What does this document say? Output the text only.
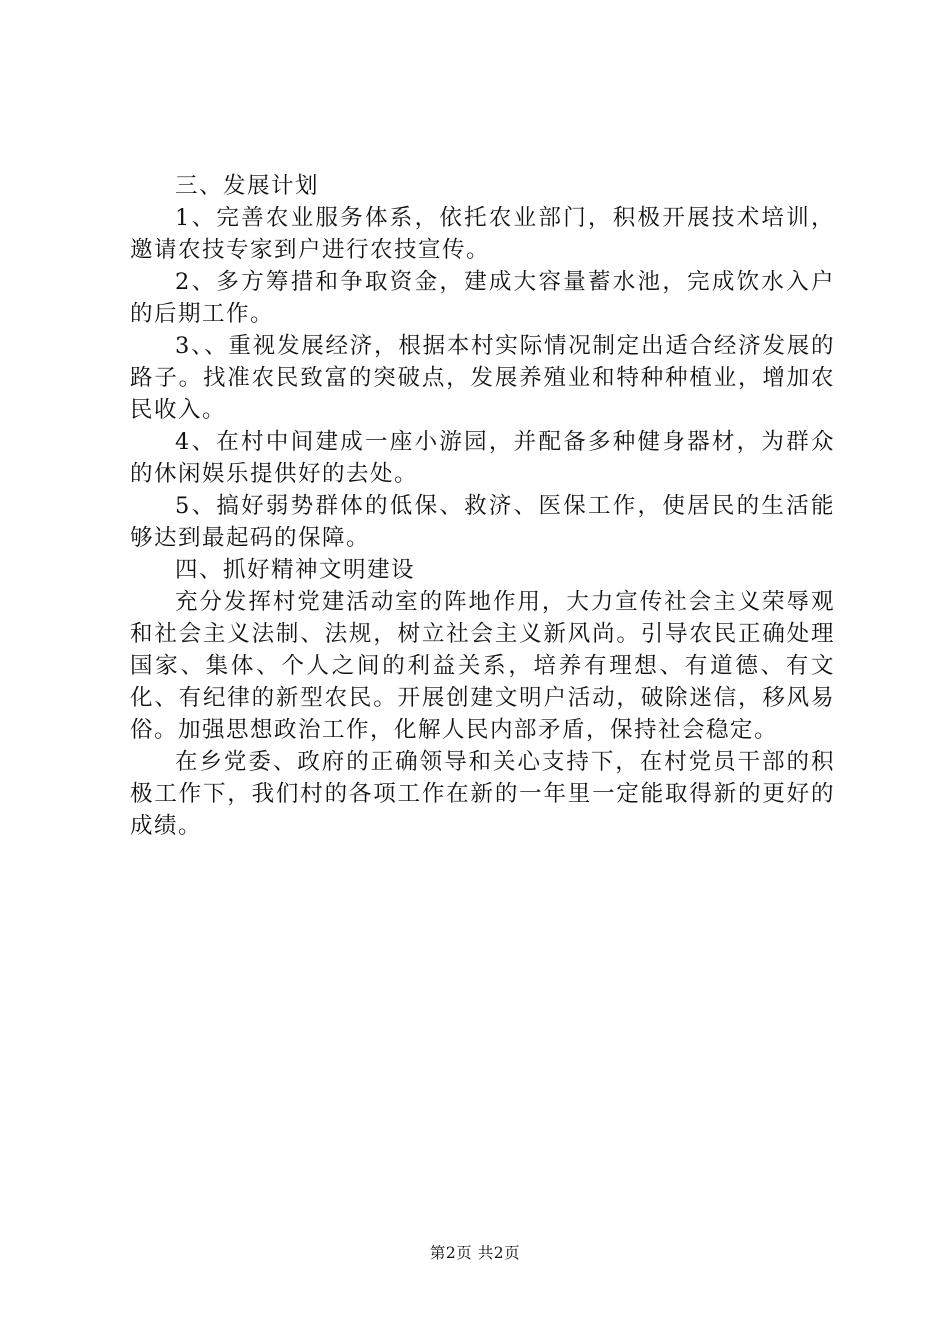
三、发展计划

1、完善农业服务体系，依托农业部门，积极开展技术培训，邀请农技专家到户进行农技宣传。

2、多方筹措和争取资金，建成大容量蓄水池，完成饮水入户的后期工作。

3、、重视发展经济，根据本村实际情况制定出适合经济发展的路子。找准农民致富的突破点，发展养殖业和特种种植业，增加农民收入。

4、在村中间建成一座小游园，并配备多种健身器材，为群众的休闲娱乐提供好的去处。

5、搞好弱势群体的低保、救济、医保工作，使居民的生活能够达到最起码的保障。

四、抓好精神文明建设

充分发挥村党建活动室的阵地作用，大力宣传社会主义荣辱观和社会主义法制、法规，树立社会主义新风尚。引导农民正确处理国家、集体、个人之间的利益关系，培养有理想、有道德、有文化、有纪律的新型农民。开展创建文明户活动，破除迷信，移风易俗。加强思想政治工作，化解人民内部矛盾，保持社会稳定。

在乡党委、政府的正确领导和关心支持下，在村党员干部的积极工作下，我们村的各项工作在新的一年里一定能取得新的更好的成绩。

第2页 共2页
